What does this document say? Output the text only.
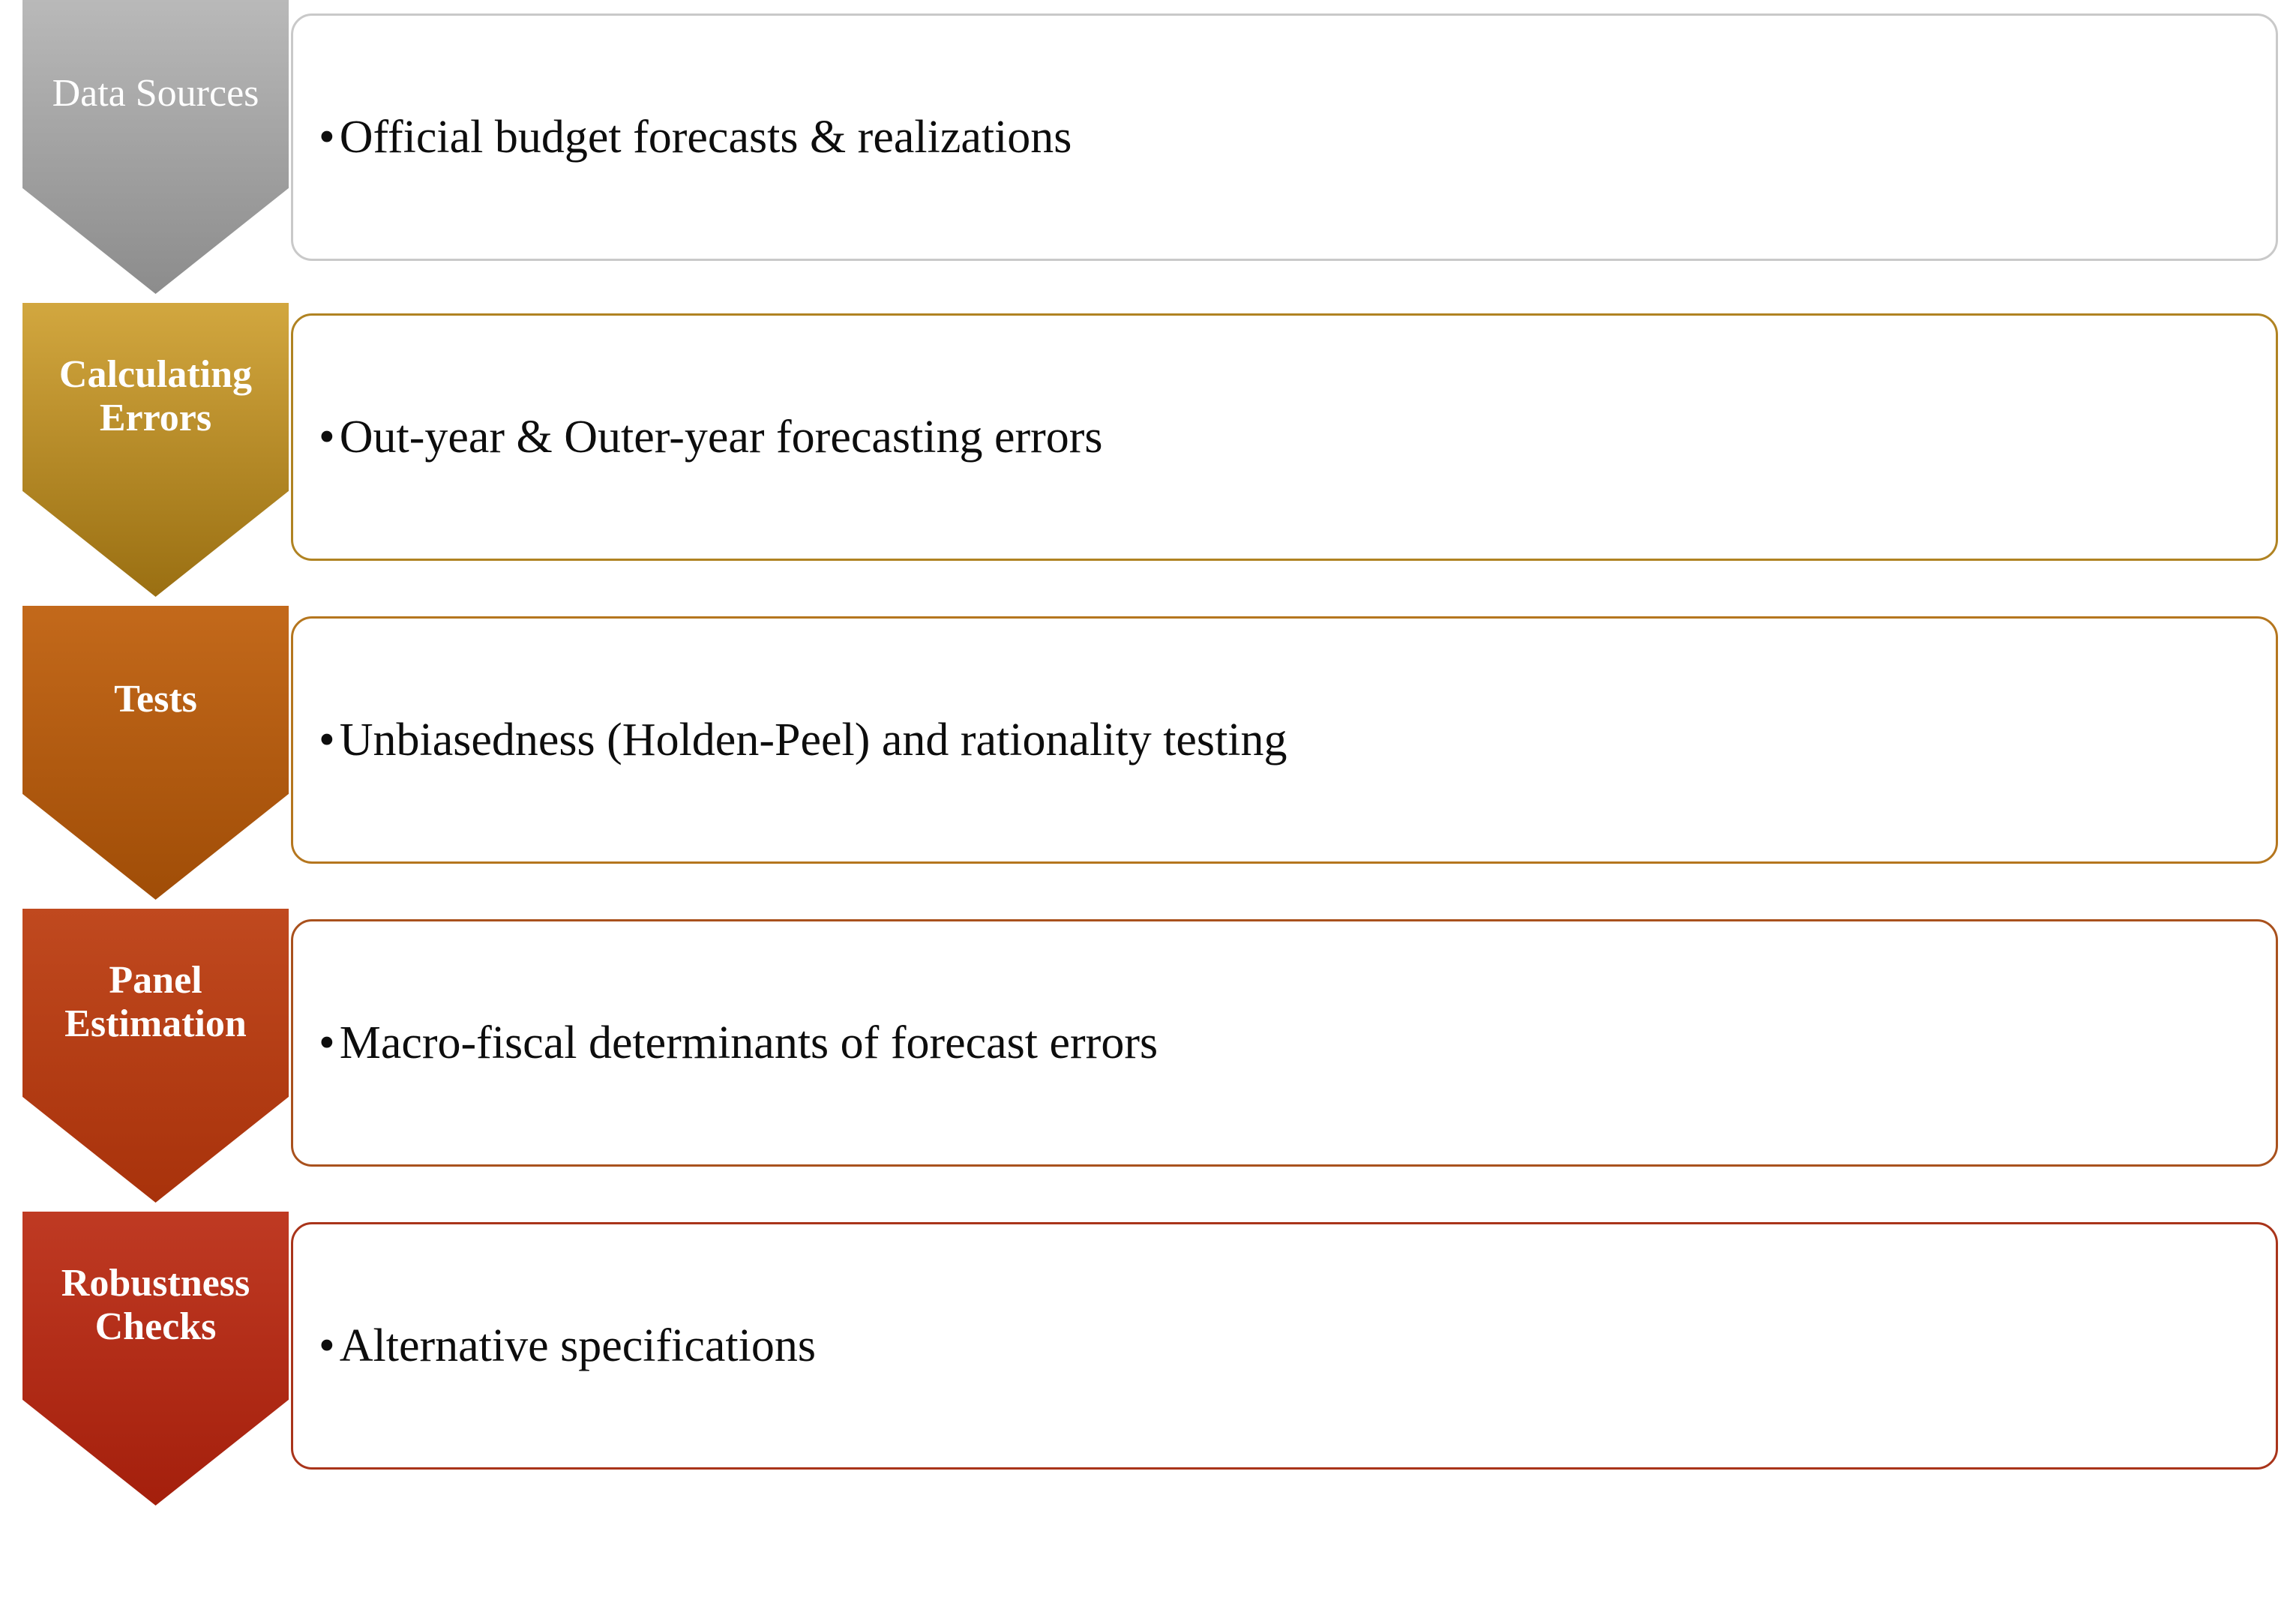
Data Sources
• Official budget forecasts & realizations
Calculating Errors	• Out-year & Outer-year forecasting errors
Tests
• Unbiasedness (Holden-Peel) and rationality testing
Panel Estimation	• Macro-fiscal determinants of forecast errors
Robustness Checks	• Alternative specifications
